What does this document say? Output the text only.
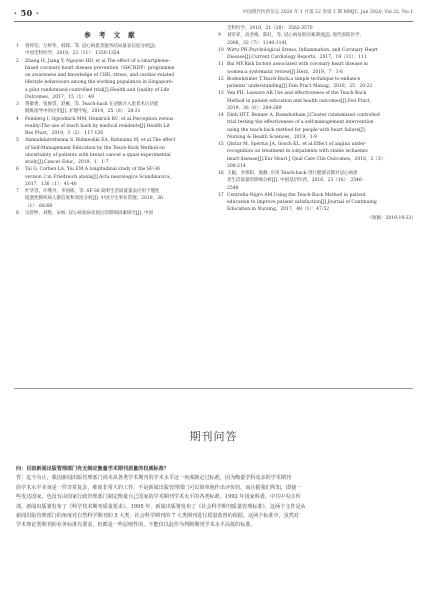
· 50 ·	中国现代医药杂志 2020 年 1 月第 22 卷第 1 期 MMJC, Jan 2020, Vol 22, No.1
参 考 文 献
1	曾梓钧，万婷华，韩锋，等. 冠心病患者服务结局量表信度分析[J].
中国全科医学，2019，22（11）：1350-1354
2	Zhang H, Jiang Y, Nguyen HD, et al.The effect of a smartphone-
based coronary heart disease prevention（SBCHDP）programme
on awareness and knowledge of CHD, stress, and cardiac-related
lifestyle behaviours among the working population in Singapore:
a pilot randomised controlled trial[J].Health and Quality of Life
Outcomes，2017，15（1）：49
3	黄敏香，张俊容，赵雁，等. Teach-back 在冠脉介入患者术后功能
锻炼指导中的应用[J]. 护理学报，2019，25（6）：28-31
4	Feinberg I, Ogrodnick MM, Hendrick RC, et al.Perception versus
reality:The use of teach back by medical residents[J].Health Lit
Res Pract，2019，3（2）：117-126
5	Ahmadidarrehsima S, Bidmeshki EA, Rahnama M, et al.The effect
of Self-Management Education by the Teach-Back Method on
uncertainty of patients with breast cancer:a quasi-experimental
study[J].Cancer Educ，2019，1：1-7
6	Tai G, Corben LA, Yiu EM.A longitudinal study of the SF-36
version 2 in Friedreich ataxia[J].Acta neurologica Scandinavica，
2017，136（1）：41-46
7	叶华容，许继丹，李国栋，等. SF-36 简明生活质量量表应用于慢性
阻塞性肺疾病人群信度和效度分析[J]. 中国卫生事业管理，2019，36
（1）：66-68
8	吴舒婷，刘艳，宋杨. 冠心病发病及预后的影响因素研究[J]. 中国
全科医学，2018，21（28）：3562-3570
9	刘军祥，高金梅，陈红，等. 冠心病危险因素调查[J]. 现代预防医学，
2006，33（7）：1140-1141
10 Wirtz PH.Psychological Stress, Inflammation, and Coronary Heart
Disease[J].Current Cardiology Reports，2017，19（11）：111
11 Bai MF.Risk factors associated with coronary heart disease in
women:a systematic review[J].Herz，2019，7：1-6
12 Bodenheimer T.Teach-Back:a simple technique to enhance
patients' understanding[J].Fam Pract Manag，2018，25：20-22
13 Yen PH, Leasure AR.Use and effectiveness of the Teach-Back
Method in patient education and health outcomes[J].Fed Pract，
2019，36（6）：284-289
14 Dinh HTT, Bonner A, Ramsbotham J.Cluster randomized controlled
trial testing the effectiveness of a self-management intervention
using the teach-back method for people with heart failure[J].
Nursing & Health Sciences，2019，1-9
15 Qintar M, Spertus JA, Gosch KL, et al.Effect of angina under-
recognition on treatment in outpatients with stable ischaemic
heart disease[J].Eur Heart J Qual Care Clin Outcomes，2016，2（3）：
208-214
16 王颖，李寒阳，梁静. 应用 Teach-back 进行健康宣教对冠心病患
者生活质量的影响分析[J]. 中国基层医药，2016，23（16）：2546-
2548
17 Centrella-Nigro AM.Using the Teach-Back Method in patient
education to improve patient satisfaction[J].Journal of Continuing
Education in Nursing，2017，48（1）：47-52
（收稿：2019-10-23）
期刊问答
问：目前新闻出版管理部门有无制定衡量学术期刊质量的权威标准？
答：迄今为止，我国新闻出版管理部门尚未从各类学术期刊的学术水平这一角度制定过标准，因为衡量学科众多的学术期刊
的学术水平本身是一件非常复杂，难度非常大的工作，不是新闻出版管理部门可以简单地作出评价的。而且据我们所知，即使一
些发达国家，也没有由国家行政管理部门制定衡量自己国家的学术期刊学术水平的各类标准。1992 年国家科委，中共中央宣传
部，新闻出版署发布了《科学技术期刊质量要求》，1995 年，新闻出版署发布了《社会科学期刊质量管理标准》，这两个文件是从
新闻出版管理部门的角度对自然科学期刊的 5 大类，社会科学期刊的 7 大类期刊进行质量监督的依据。这两个标准中，虽然对
学术理论类期刊的业务标准有要求，但都是一些原则性的，不能仅以此作为判断期刊学术水平高低的标准。
